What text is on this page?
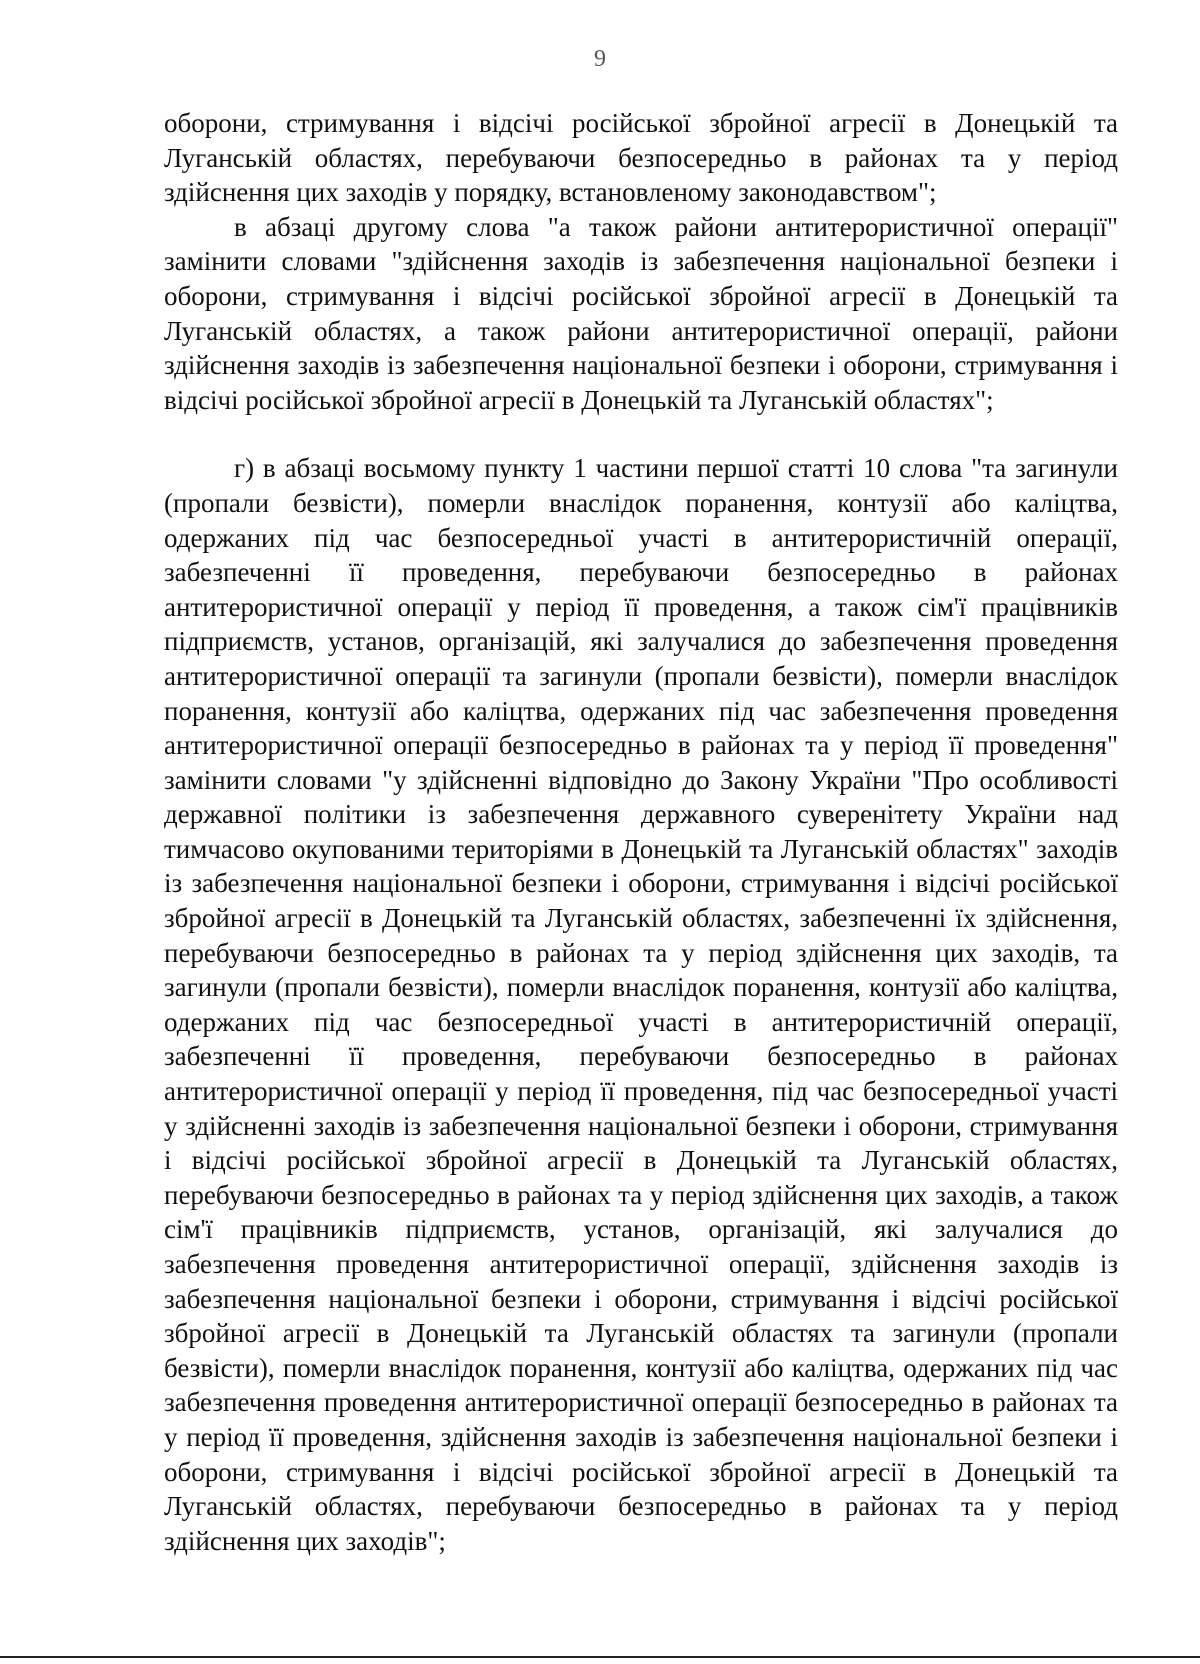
9

оборони, стримування і відсічі російської збройної агресії в Донецькій та Луганській областях, перебуваючи безпосередньо в районах та у період здійснення цих заходів у порядку, встановленому законодавством";

в абзаці другому слова "а також райони антитерористичної операції" замінити словами "здійснення заходів із забезпечення національної безпеки і оборони, стримування і відсічі російської збройної агресії в Донецькій та Луганській областях, а також райони антитерористичної операції, райони здійснення заходів із забезпечення національної безпеки і оборони, стримування і відсічі російської збройної агресії в Донецькій та Луганській областях";

г) в абзаці восьмому пункту 1 частини першої статті 10 слова "та загинули (пропали безвісти), померли внаслідок поранення, контузії або каліцтва, одержаних під час безпосередньої участі в антитерористичній операції, забезпеченні її проведення, перебуваючи безпосередньо в районах антитерористичної операції у період її проведення, а також сім'ї працівників підприємств, установ, організацій, які залучалися до забезпечення проведення антитерористичної операції та загинули (пропали безвісти), померли внаслідок поранення, контузії або каліцтва, одержаних під час забезпечення проведення антитерористичної операції безпосередньо в районах та у період її проведення" замінити словами "у здійсненні відповідно до Закону України "Про особливості державної політики із забезпечення державного суверенітету України над тимчасово окупованими територіями в Донецькій та Луганській областях" заходів із забезпечення національної безпеки і оборони, стримування і відсічі російської збройної агресії в Донецькій та Луганській областях, забезпеченні їх здійснення, перебуваючи безпосередньо в районах та у період здійснення цих заходів, та загинули (пропали безвісти), померли внаслідок поранення, контузії або каліцтва, одержаних під час безпосередньої участі в антитерористичній операції, забезпеченні її проведення, перебуваючи безпосередньо в районах антитерористичної операції у період її проведення, під час безпосередньої участі у здійсненні заходів із забезпечення національної безпеки і оборони, стримування і відсічі російської збройної агресії в Донецькій та Луганській областях, перебуваючи безпосередньо в районах та у період здійснення цих заходів, а також сім'ї працівників підприємств, установ, організацій, які залучалися до забезпечення проведення антитерористичної операції, здійснення заходів із забезпечення національної безпеки і оборони, стримування і відсічі російської збройної агресії в Донецькій та Луганській областях та загинули (пропали безвісти), померли внаслідок поранення, контузії або каліцтва, одержаних під час забезпечення проведення антитерористичної операції безпосередньо в районах та у період її проведення, здійснення заходів із забезпечення національної безпеки і оборони, стримування і відсічі російської збройної агресії в Донецькій та Луганській областях, перебуваючи безпосередньо в районах та у період здійснення цих заходів";
